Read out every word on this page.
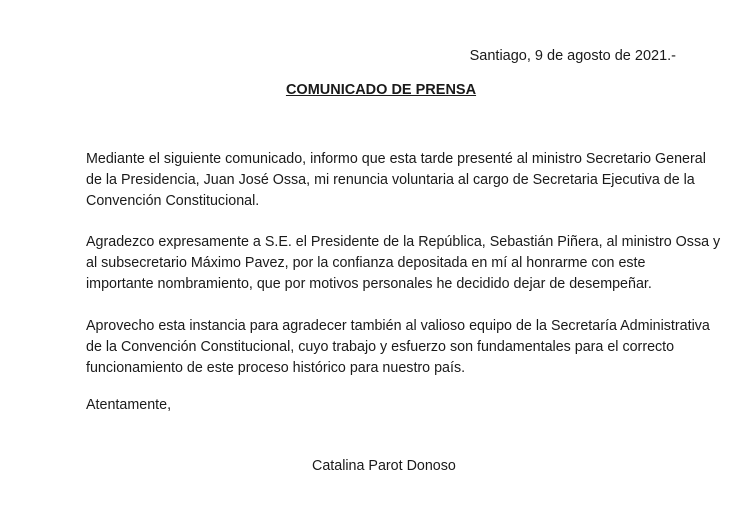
Santiago, 9 de agosto de 2021.-
COMUNICADO DE PRENSA
Mediante el siguiente comunicado, informo que esta tarde presenté al ministro Secretario General
de la Presidencia, Juan José Ossa, mi renuncia voluntaria al cargo de Secretaria Ejecutiva de la
Convención Constitucional.
Agradezco expresamente a S.E. el Presidente de la República, Sebastián Piñera, al ministro Ossa y
al subsecretario Máximo Pavez, por la confianza depositada en mí al honrarme con este
importante nombramiento, que por motivos personales he decidido dejar de desempeñar.
Aprovecho esta instancia para agradecer también al valioso equipo de la Secretaría Administrativa
de la Convención Constitucional, cuyo trabajo y esfuerzo son fundamentales para el correcto
funcionamiento de este proceso histórico para nuestro país.
Atentamente,
Catalina Parot Donoso
